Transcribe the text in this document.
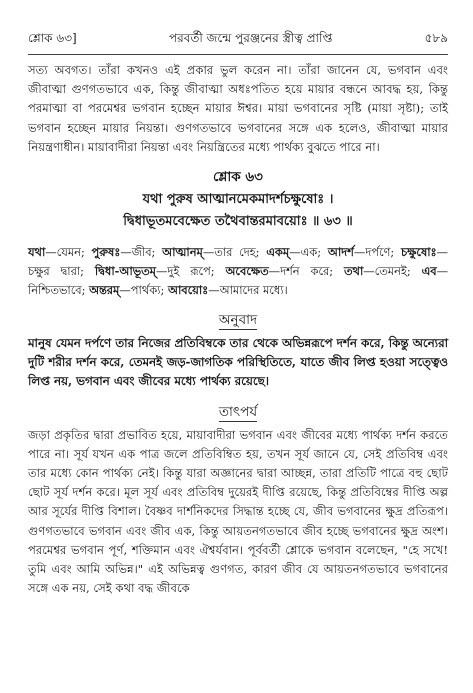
শ্লোক ৬৩]	পরবর্তী জন্মে পুরঞ্জনের স্ত্রীত্ব প্রাপ্তি	৫৮৯

সত্য অবগত। তাঁরা কখনও এই প্রকার ভুল করেন না। তাঁরা জানেন যে, ভগবান এবং জীবাত্মা গুণগতভাবে এক, কিন্তু জীবাত্মা অধঃপতিত হয়ে মায়ার বন্ধনে আবদ্ধ হয়, কিন্তু পরমাত্মা বা পরমেশ্বর ভগবান হচ্ছেন মায়ার ঈশ্বর। মায়া ভগবানের সৃষ্টি (মায়া সৃষ্টা); তাই ভগবান হচ্ছেন মায়ার নিয়ন্তা। গুণগতভাবে ভগবানের সঙ্গে এক হলেও, জীবাত্মা মায়ার নিয়ন্ত্রণাধীন। মায়াবাদীরা নিয়ন্তা এবং নিয়ন্ত্রিতের মধ্যে পার্থক্য বুঝতে পারে না।

শ্লোক ৬৩
যথা পুরুষ আত্মানমেকমাদর্শচক্ষুষোঃ ।
দ্বিধাভূতমবেক্ষেত তথৈবান্তরমাবয়োঃ ॥ ৬৩ ॥

যথা—যেমন; পুরুষঃ—জীব; আত্মানম্—তার দেহ; একম্—এক; আদর্শ—দর্পণে; চক্ষুষোঃ—চক্ষুর দ্বারা; দ্বিধা-আভূতম্—দুই রূপে; অবেক্ষেত—দর্শন করে; তথা—তেমনই; এব—নিশ্চিতভাবে; অন্তরম্—পার্থক্য; আবয়োঃ—আমাদের মধ্যে।

অনুবাদ

মানুষ যেমন দর্পণে তার নিজের প্রতিবিম্বকে তার থেকে অভিন্নরূপে দর্শন করে, কিন্তু অন্যেরা দুটি শরীর দর্শন করে, তেমনই জড়-জাগতিক পরিস্থিতিতে, যাতে জীব লিপ্ত হওয়া সত্ত্বেও লিপ্ত নয়, ভগবান এবং জীবের মধ্যে পার্থক্য রয়েছে।

তাৎপর্য

জড়া প্রকৃতির দ্বারা প্রভাবিত হয়ে, মায়াবাদীরা ভগবান এবং জীবের মধ্যে পার্থক্য দর্শন করতে পারে না। সূর্য যখন এক পাত্র জলে প্রতিবিম্বিত হয়, তখন সূর্য জানে যে, সেই প্রতিবিম্ব এবং তার মধ্যে কোন পার্থক্য নেই। কিন্তু যারা অজ্ঞানের দ্বারা আচ্ছন্ন, তারা প্রতিটি পাত্রে বহু ছোট ছোট সূর্য দর্শন করে। মূল সূর্য এবং প্রতিবিম্ব দুয়েরই দীপ্তি রয়েছে, কিন্তু প্রতিবিম্বের দীপ্তি অল্প আর সূর্যের দীপ্তি বিশাল। বৈষ্ণব দার্শনিকদের সিদ্ধান্ত হচ্ছে যে, জীব ভগবানের ক্ষুদ্র প্রতিরূপ। গুণগতভাবে ভগবান এবং জীব এক, কিন্তু আয়তনগতভাবে জীব হচ্ছে ভগবানের ক্ষুদ্র অংশ। পরমেশ্বর ভগবান পূর্ণ, শক্তিমান এবং ঐশ্বর্যবান। পূর্ববর্তী শ্লোকে ভগবান বলেছেন, "হে সখে! তুমি এবং আমি অভিন্ন।" এই অভিন্নত্ব গুণগত, কারণ জীব যে আয়তনগতভাবে ভগবানের সঙ্গে এক নয়, সেই কথা বদ্ধ জীবকে
